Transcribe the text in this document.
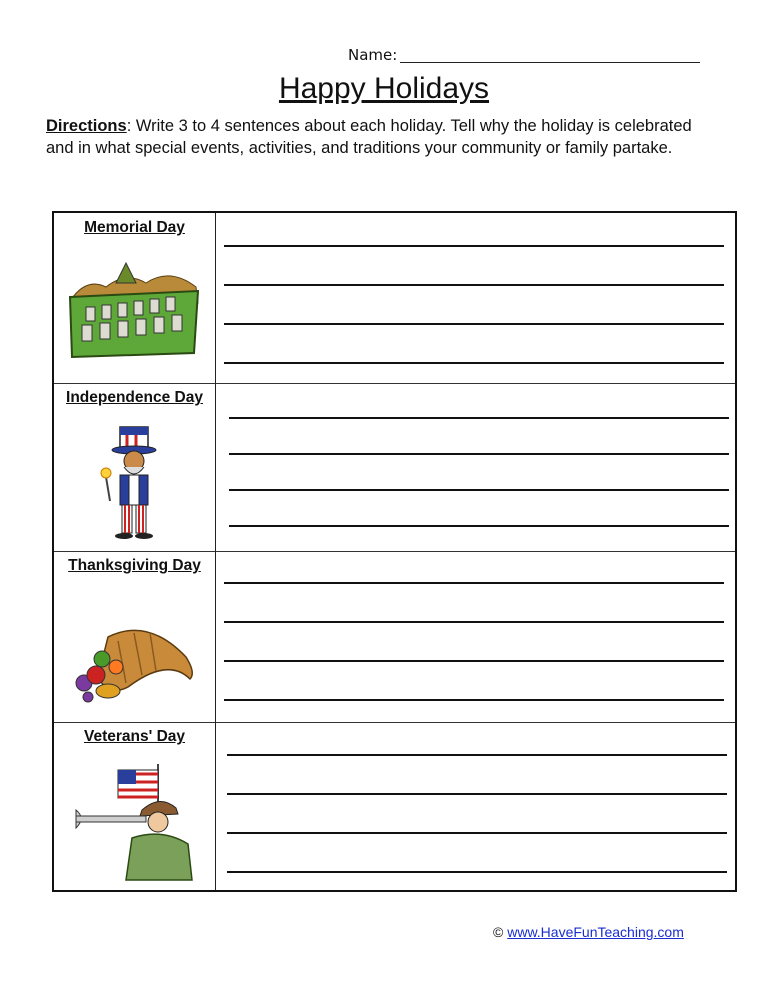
Name:
Happy Holidays
Directions: Write 3 to 4 sentences about each holiday. Tell why the holiday is celebrated and in what special events, activities, and traditions your community or family partake.
Memorial Day
Independence Day
Thanksgiving Day
Veterans' Day
© www.HaveFunTeaching.com
